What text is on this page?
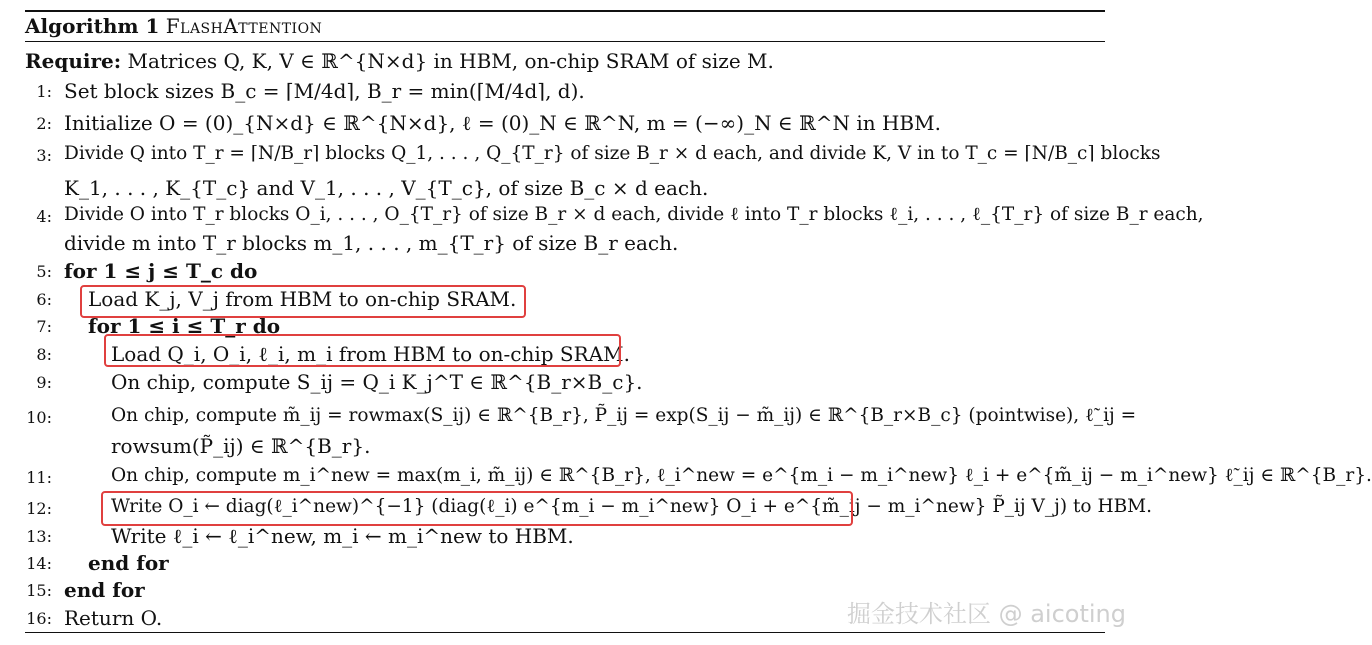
Algorithm 1 FlashAttention
Require: Matrices Q, K, V ∈ ℝ^{N×d} in HBM, on-chip SRAM of size M.
1: Set block sizes B_c = ⌈M/4d⌉, B_r = min(⌈M/4d⌉, d).
2: Initialize O = (0)_{N×d} ∈ ℝ^{N×d}, ℓ = (0)_N ∈ ℝ^N, m = (−∞)_N ∈ ℝ^N in HBM.
3: Divide Q into T_r = ⌈N/B_r⌉ blocks Q_1, . . . , Q_{T_r} of size B_r × d each, and divide K, V in to T_c = ⌈N/B_c⌉ blocks
K_1, . . . , K_{T_c} and V_1, . . . , V_{T_c}, of size B_c × d each.
4: Divide O into T_r blocks O_i, . . . , O_{T_r} of size B_r × d each, divide ℓ into T_r blocks ℓ_i, . . . , ℓ_{T_r} of size B_r each,
divide m into T_r blocks m_1, . . . , m_{T_r} of size B_r each.
5: for 1 ≤ j ≤ T_c do
6: Load K_j, V_j from HBM to on-chip SRAM.
7: for 1 ≤ i ≤ T_r do
8:	Load Q_i, O_i, ℓ_i, m_i from HBM to on-chip SRAM.
9:	On chip, compute S_ij = Q_i K_j^T ∈ ℝ^{B_r×B_c}.
10:	On chip, compute m̃_ij = rowmax(S_ij) ∈ ℝ^{B_r}, P̃_ij = exp(S_ij − m̃_ij) ∈ ℝ^{B_r×B_c} (pointwise), ℓ̃_ij =
rowsum(P̃_ij) ∈ ℝ^{B_r}.
11:	On chip, compute m_i^new = max(m_i, m̃_ij) ∈ ℝ^{B_r}, ℓ_i^new = e^{m_i − m_i^new} ℓ_i + e^{m̃_ij − m_i^new} ℓ̃_ij ∈ ℝ^{B_r}.
12:	Write O_i ← diag(ℓ_i^new)^{−1} (diag(ℓ_i) e^{m_i − m_i^new} O_i + e^{m̃_ij − m_i^new} P̃_ij V_j) to HBM.
13:	Write ℓ_i ← ℓ_i^new, m_i ← m_i^new to HBM.
14: end for
15: end for
16: Return O.	掘金技术社区 @ aicoting
